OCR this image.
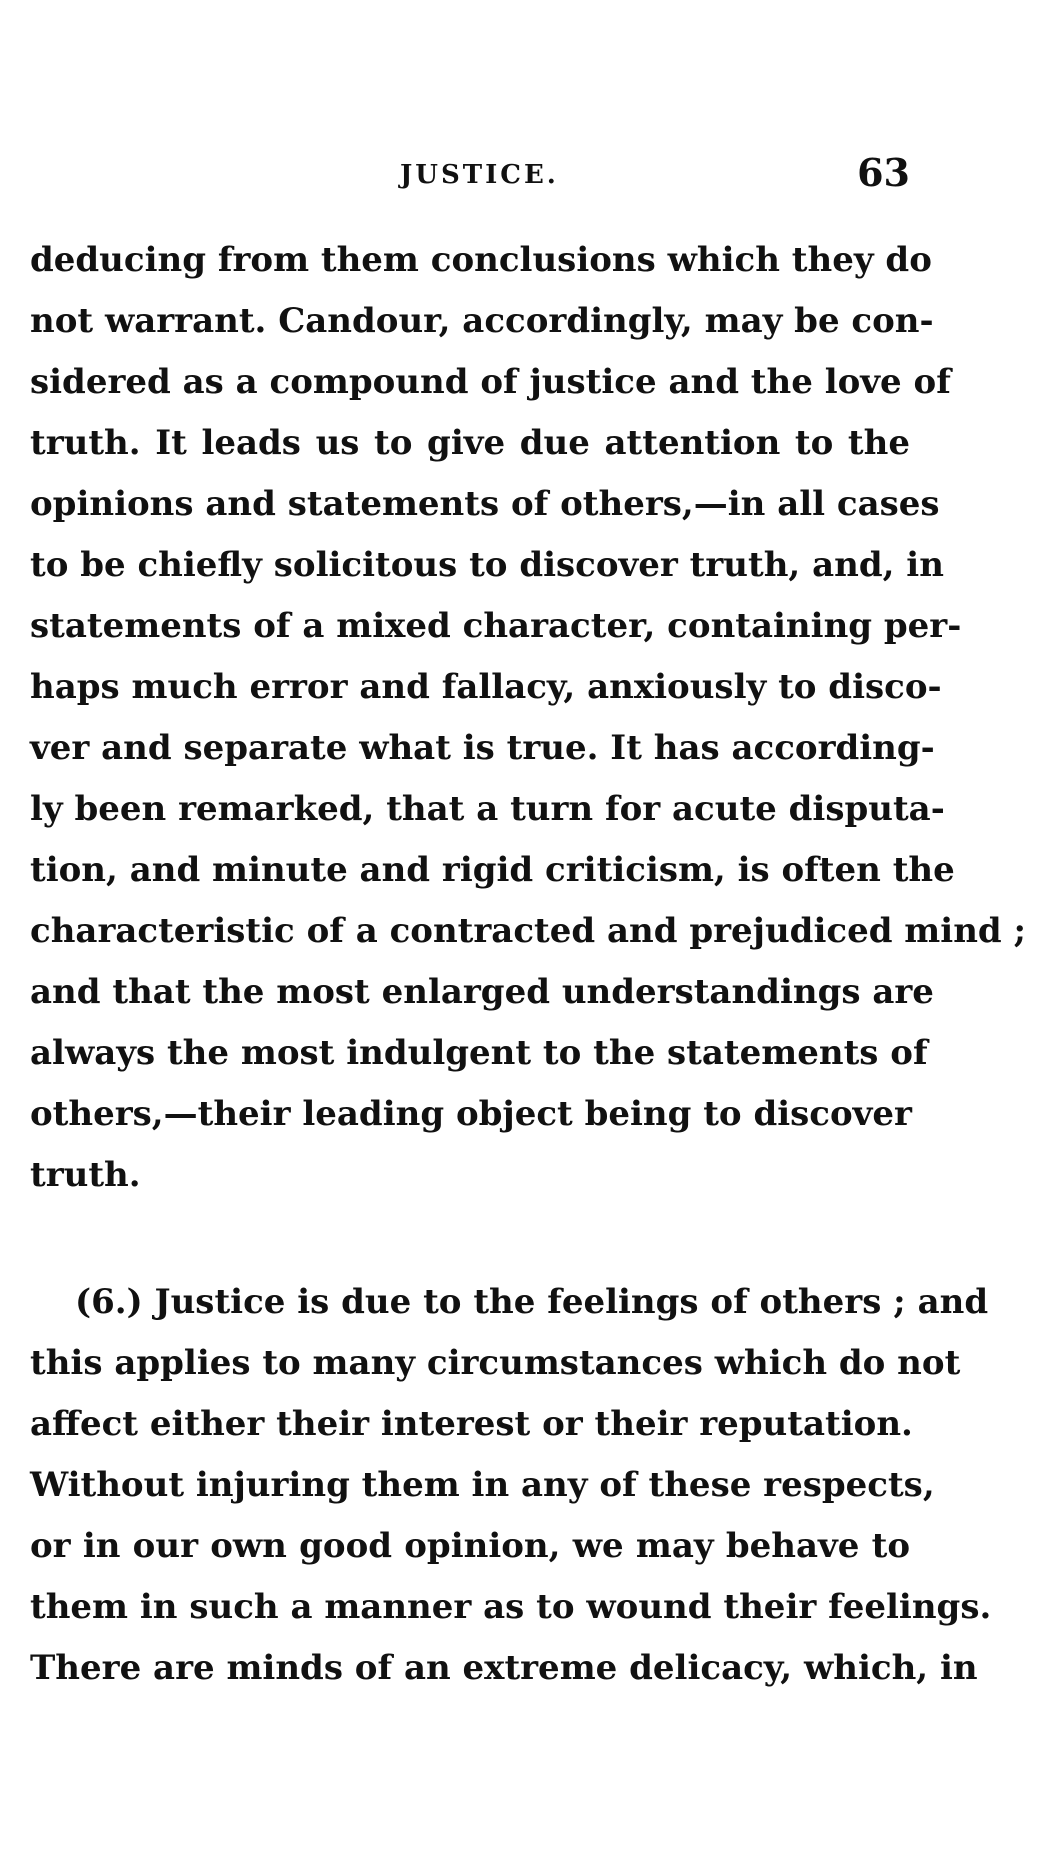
JUSTICE.	63
deducing from them conclusions which they do
not warrant. Candour, accordingly, may be con-
sidered as a compound of justice and the love of
truth. It leads us to give due attention to the
opinions and statements of others,—in all cases
to be chiefly solicitous to discover truth, and, in
statements of a mixed character, containing per-
haps much error and fallacy, anxiously to disco-
ver and separate what is true. It has according-
ly been remarked, that a turn for acute disputa-
tion, and minute and rigid criticism, is often the
characteristic of a contracted and prejudiced mind ;
and that the most enlarged understandings are
always the most indulgent to the statements of
others,—their leading object being to discover
truth.
(6.) Justice is due to the feelings of others ; and
this applies to many circumstances which do not
affect either their interest or their reputation.
Without injuring them in any of these respects,
or in our own good opinion, we may behave to
them in such a manner as to wound their feelings.
There are minds of an extreme delicacy, which, in
